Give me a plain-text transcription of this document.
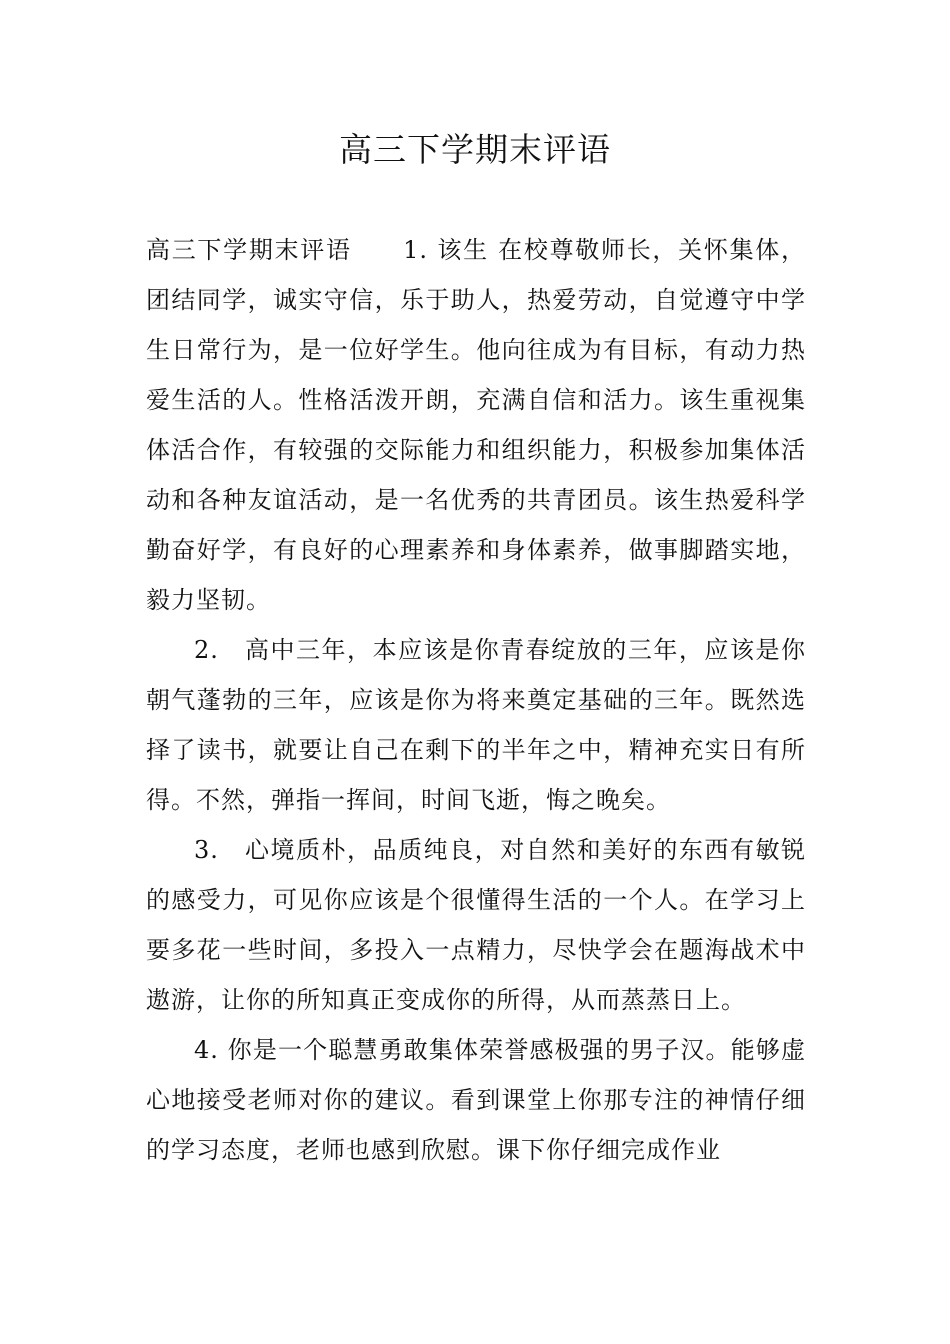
高三下学期末评语

高三下学期末评语　　1. 该生 在校尊敬师长，关怀集体，团结同学，诚实守信，乐于助人，热爱劳动，自觉遵守中学生日常行为，是一位好学生。他向往成为有目标，有动力热爱生活的人。性格活泼开朗，充满自信和活力。该生重视集体活合作，有较强的交际能力和组织能力，积极参加集体活动和各种友谊活动，是一名优秀的共青团员。该生热爱科学勤奋好学，有良好的心理素养和身体素养，做事脚踏实地，毅力坚韧。

2.　高中三年，本应该是你青春绽放的三年，应该是你朝气蓬勃的三年，应该是你为将来奠定基础的三年。既然选择了读书，就要让自己在剩下的半年之中，精神充实日有所得。不然，弹指一挥间，时间飞逝，悔之晚矣。

3.　心境质朴，品质纯良，对自然和美好的东西有敏锐的感受力，可见你应该是个很懂得生活的一个人。在学习上要多花一些时间，多投入一点精力，尽快学会在题海战术中遨游，让你的所知真正变成你的所得，从而蒸蒸日上。

4. 你是一个聪慧勇敢集体荣誉感极强的男子汉。能够虚心地接受老师对你的建议。看到课堂上你那专注的神情仔细的学习态度，老师也感到欣慰。课下你仔细完成作业
